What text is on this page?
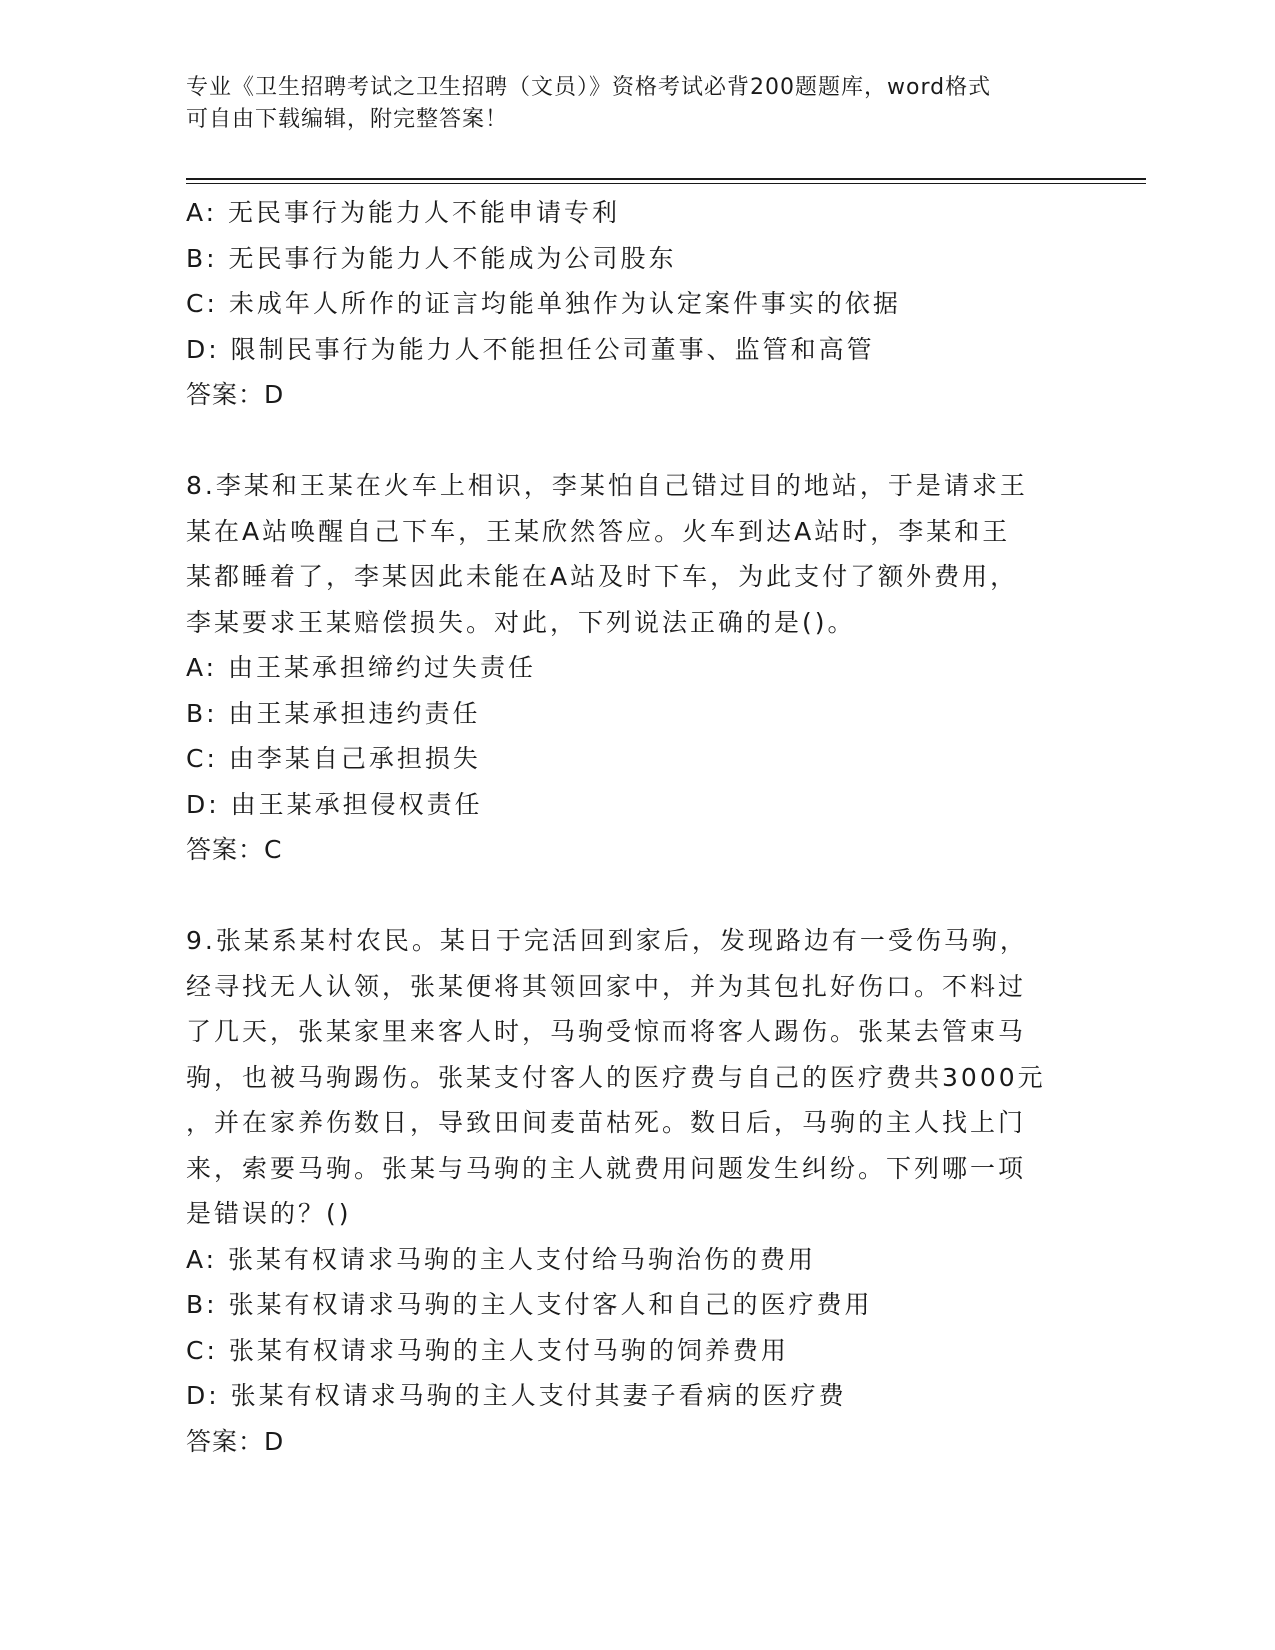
专业《卫生招聘考试之卫生招聘（文员）》资格考试必背200题题库，word格式
可自由下载编辑，附完整答案！
A: 无民事行为能力人不能申请专利
B: 无民事行为能力人不能成为公司股东
C: 未成年人所作的证言均能单独作为认定案件事实的依据
D: 限制民事行为能力人不能担任公司董事、监管和高管
答案：D
8.李某和王某在火车上相识，李某怕自己错过目的地站，于是请求王
某在A站唤醒自己下车，王某欣然答应。火车到达A站时，李某和王
某都睡着了，李某因此未能在A站及时下车，为此支付了额外费用，
李某要求王某赔偿损失。对此，下列说法正确的是()。
A: 由王某承担缔约过失责任
B: 由王某承担违约责任
C: 由李某自己承担损失
D: 由王某承担侵权责任
答案：C
9.张某系某村农民。某日于完活回到家后，发现路边有一受伤马驹，
经寻找无人认领，张某便将其领回家中，并为其包扎好伤口。不料过
了几天，张某家里来客人时，马驹受惊而将客人踢伤。张某去管束马
驹，也被马驹踢伤。张某支付客人的医疗费与自己的医疗费共3000元
，并在家养伤数日，导致田间麦苗枯死。数日后，马驹的主人找上门
来，索要马驹。张某与马驹的主人就费用问题发生纠纷。下列哪一项
是错误的？()
A: 张某有权请求马驹的主人支付给马驹治伤的费用
B: 张某有权请求马驹的主人支付客人和自己的医疗费用
C: 张某有权请求马驹的主人支付马驹的饲养费用
D: 张某有权请求马驹的主人支付其妻子看病的医疗费
答案：D
